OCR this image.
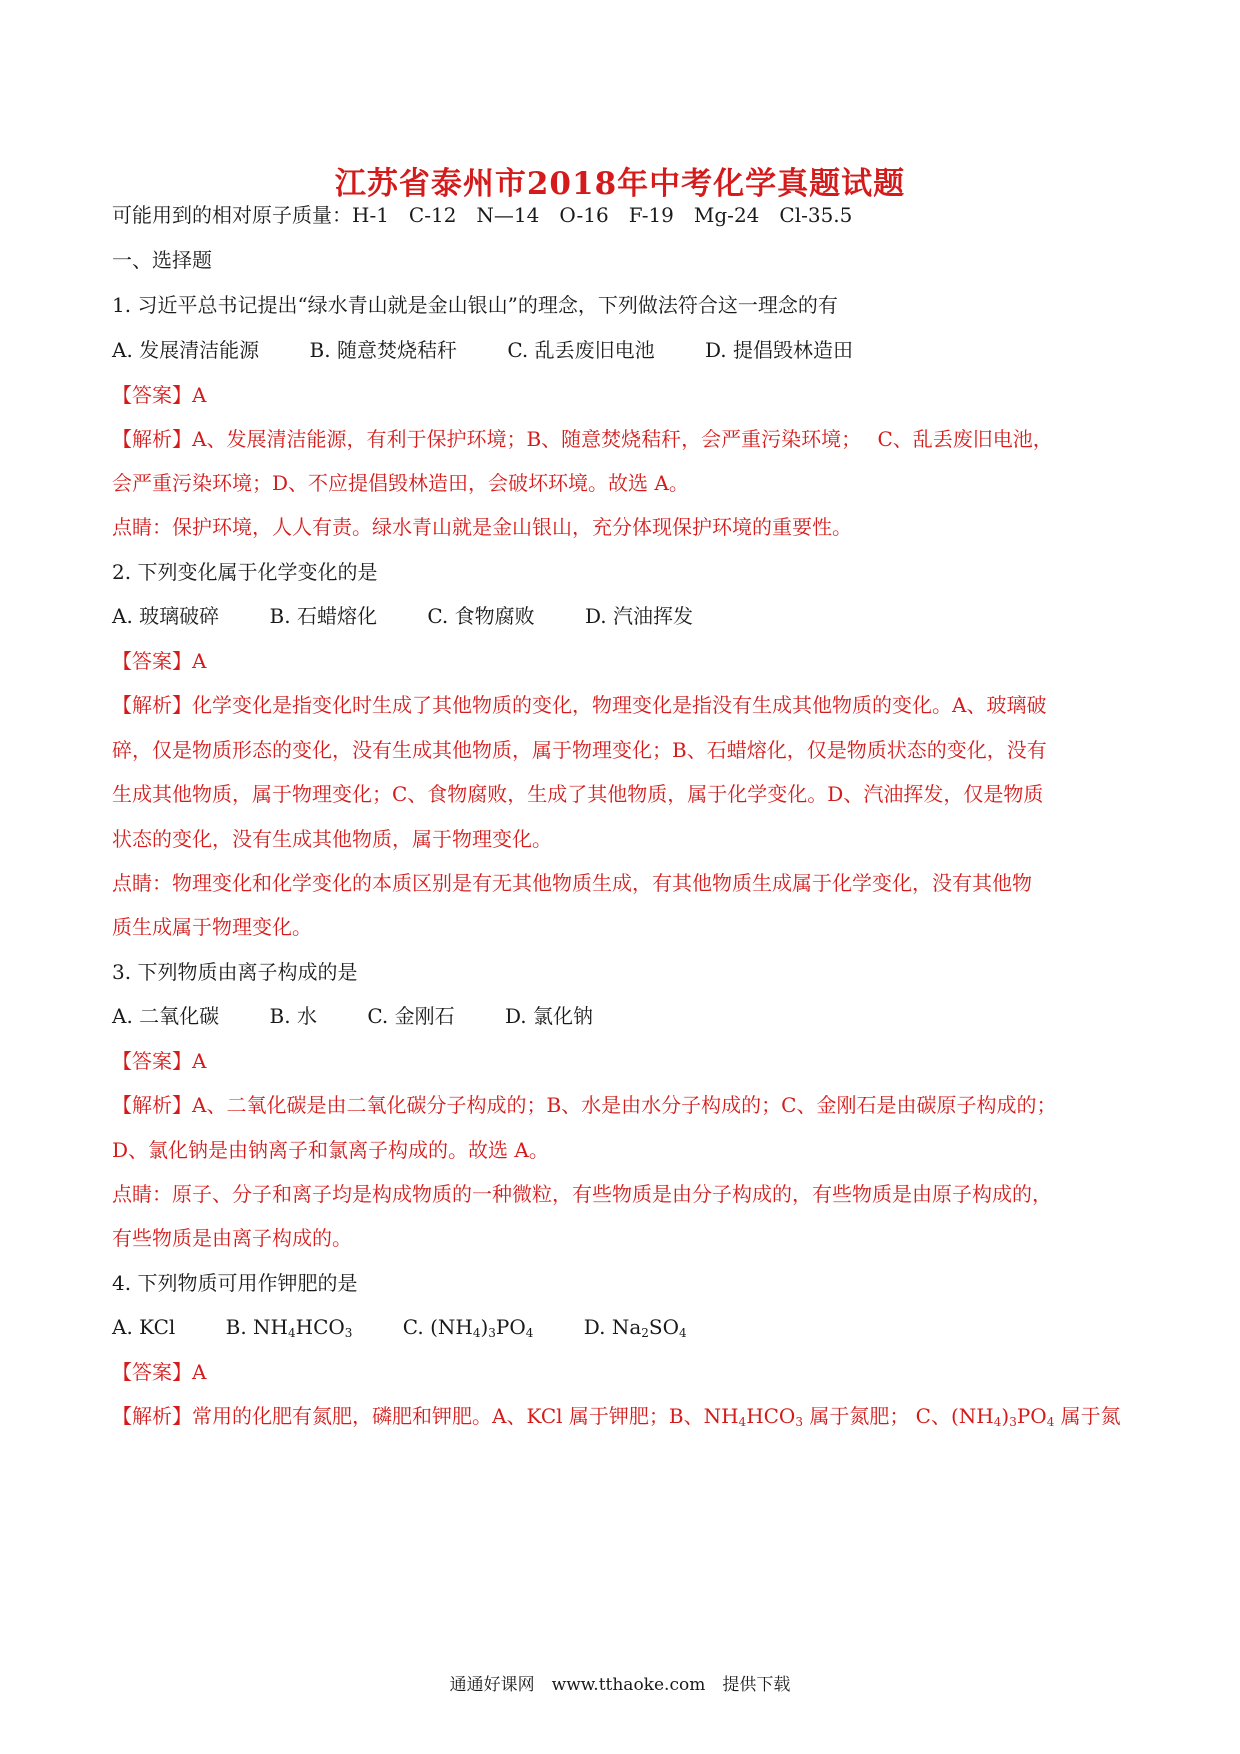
江苏省泰州市2018年中考化学真题试题
可能用到的相对原子质量：H-1　C-12　N—14　O-16　F-19　Mg-24　Cl-35.5
一、选择题
1. 习近平总书记提出“绿水青山就是金山银山”的理念，下列做法符合这一理念的有
A. 发展清洁能源	B. 随意焚烧秸秆	C. 乱丢废旧电池	D. 提倡毁林造田
【答案】A
【解析】A、发展清洁能源，有利于保护环境；B、随意焚烧秸秆，会严重污染环境；　 C、乱丢废旧电池，
会严重污染环境；D、不应提倡毁林造田，会破坏环境。故选 A。
点睛：保护环境，人人有责。绿水青山就是金山银山，充分体现保护环境的重要性。
2. 下列变化属于化学变化的是
A. 玻璃破碎	B. 石蜡熔化	C. 食物腐败	D. 汽油挥发
【答案】A
【解析】化学变化是指变化时生成了其他物质的变化，物理变化是指没有生成其他物质的变化。A、玻璃破
碎，仅是物质形态的变化，没有生成其他物质，属于物理变化；B、石蜡熔化，仅是物质状态的变化，没有
生成其他物质，属于物理变化；C、食物腐败，生成了其他物质，属于化学变化。D、汽油挥发，仅是物质
状态的变化，没有生成其他物质，属于物理变化。
点睛：物理变化和化学变化的本质区别是有无其他物质生成，有其他物质生成属于化学变化，没有其他物
质生成属于物理变化。
3. 下列物质由离子构成的是
A. 二氧化碳	B. 水	C. 金刚石	D. 氯化钠
【答案】A
【解析】A、二氧化碳是由二氧化碳分子构成的；B、水是由水分子构成的；C、金刚石是由碳原子构成的；
D、氯化钠是由钠离子和氯离子构成的。故选 A。
点睛：原子、分子和离子均是构成物质的一种微粒，有些物质是由分子构成的，有些物质是由原子构成的，
有些物质是由离子构成的。
4. 下列物质可用作钾肥的是
A. KCl	B. $NH_4HCO_3$	C. $(NH_4)_3PO_4$	D. $Na_2SO_4$
【答案】A
【解析】常用的化肥有氮肥，磷肥和钾肥。A、KCl 属于钾肥；B、$NH_4HCO_3$ 属于氮肥； C、$(NH_4)_3PO_4$ 属于氮
通通好课网　www.tthaoke.com　提供下载
